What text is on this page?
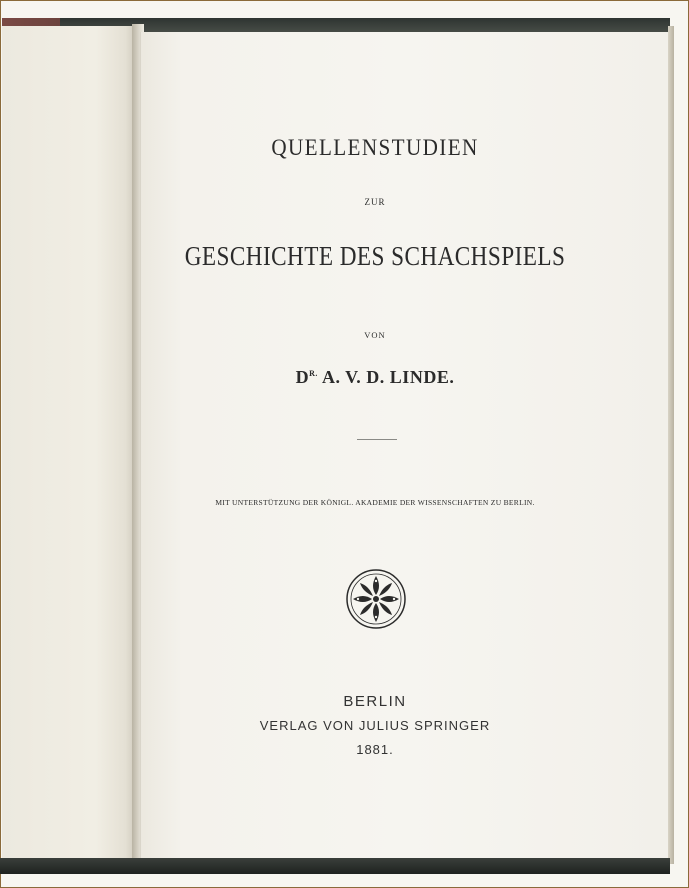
QUELLENSTUDIEN
ZUR
GESCHICHTE DES SCHACHSPIELS
VON
$D^{R.}$ A. V. D. LINDE.
MIT UNTERSTÜTZUNG DER KÖNIGL. AKADEMIE DER WISSENSCHAFTEN ZU BERLIN.
BERLIN
VERLAG VON JULIUS SPRINGER
1881.
